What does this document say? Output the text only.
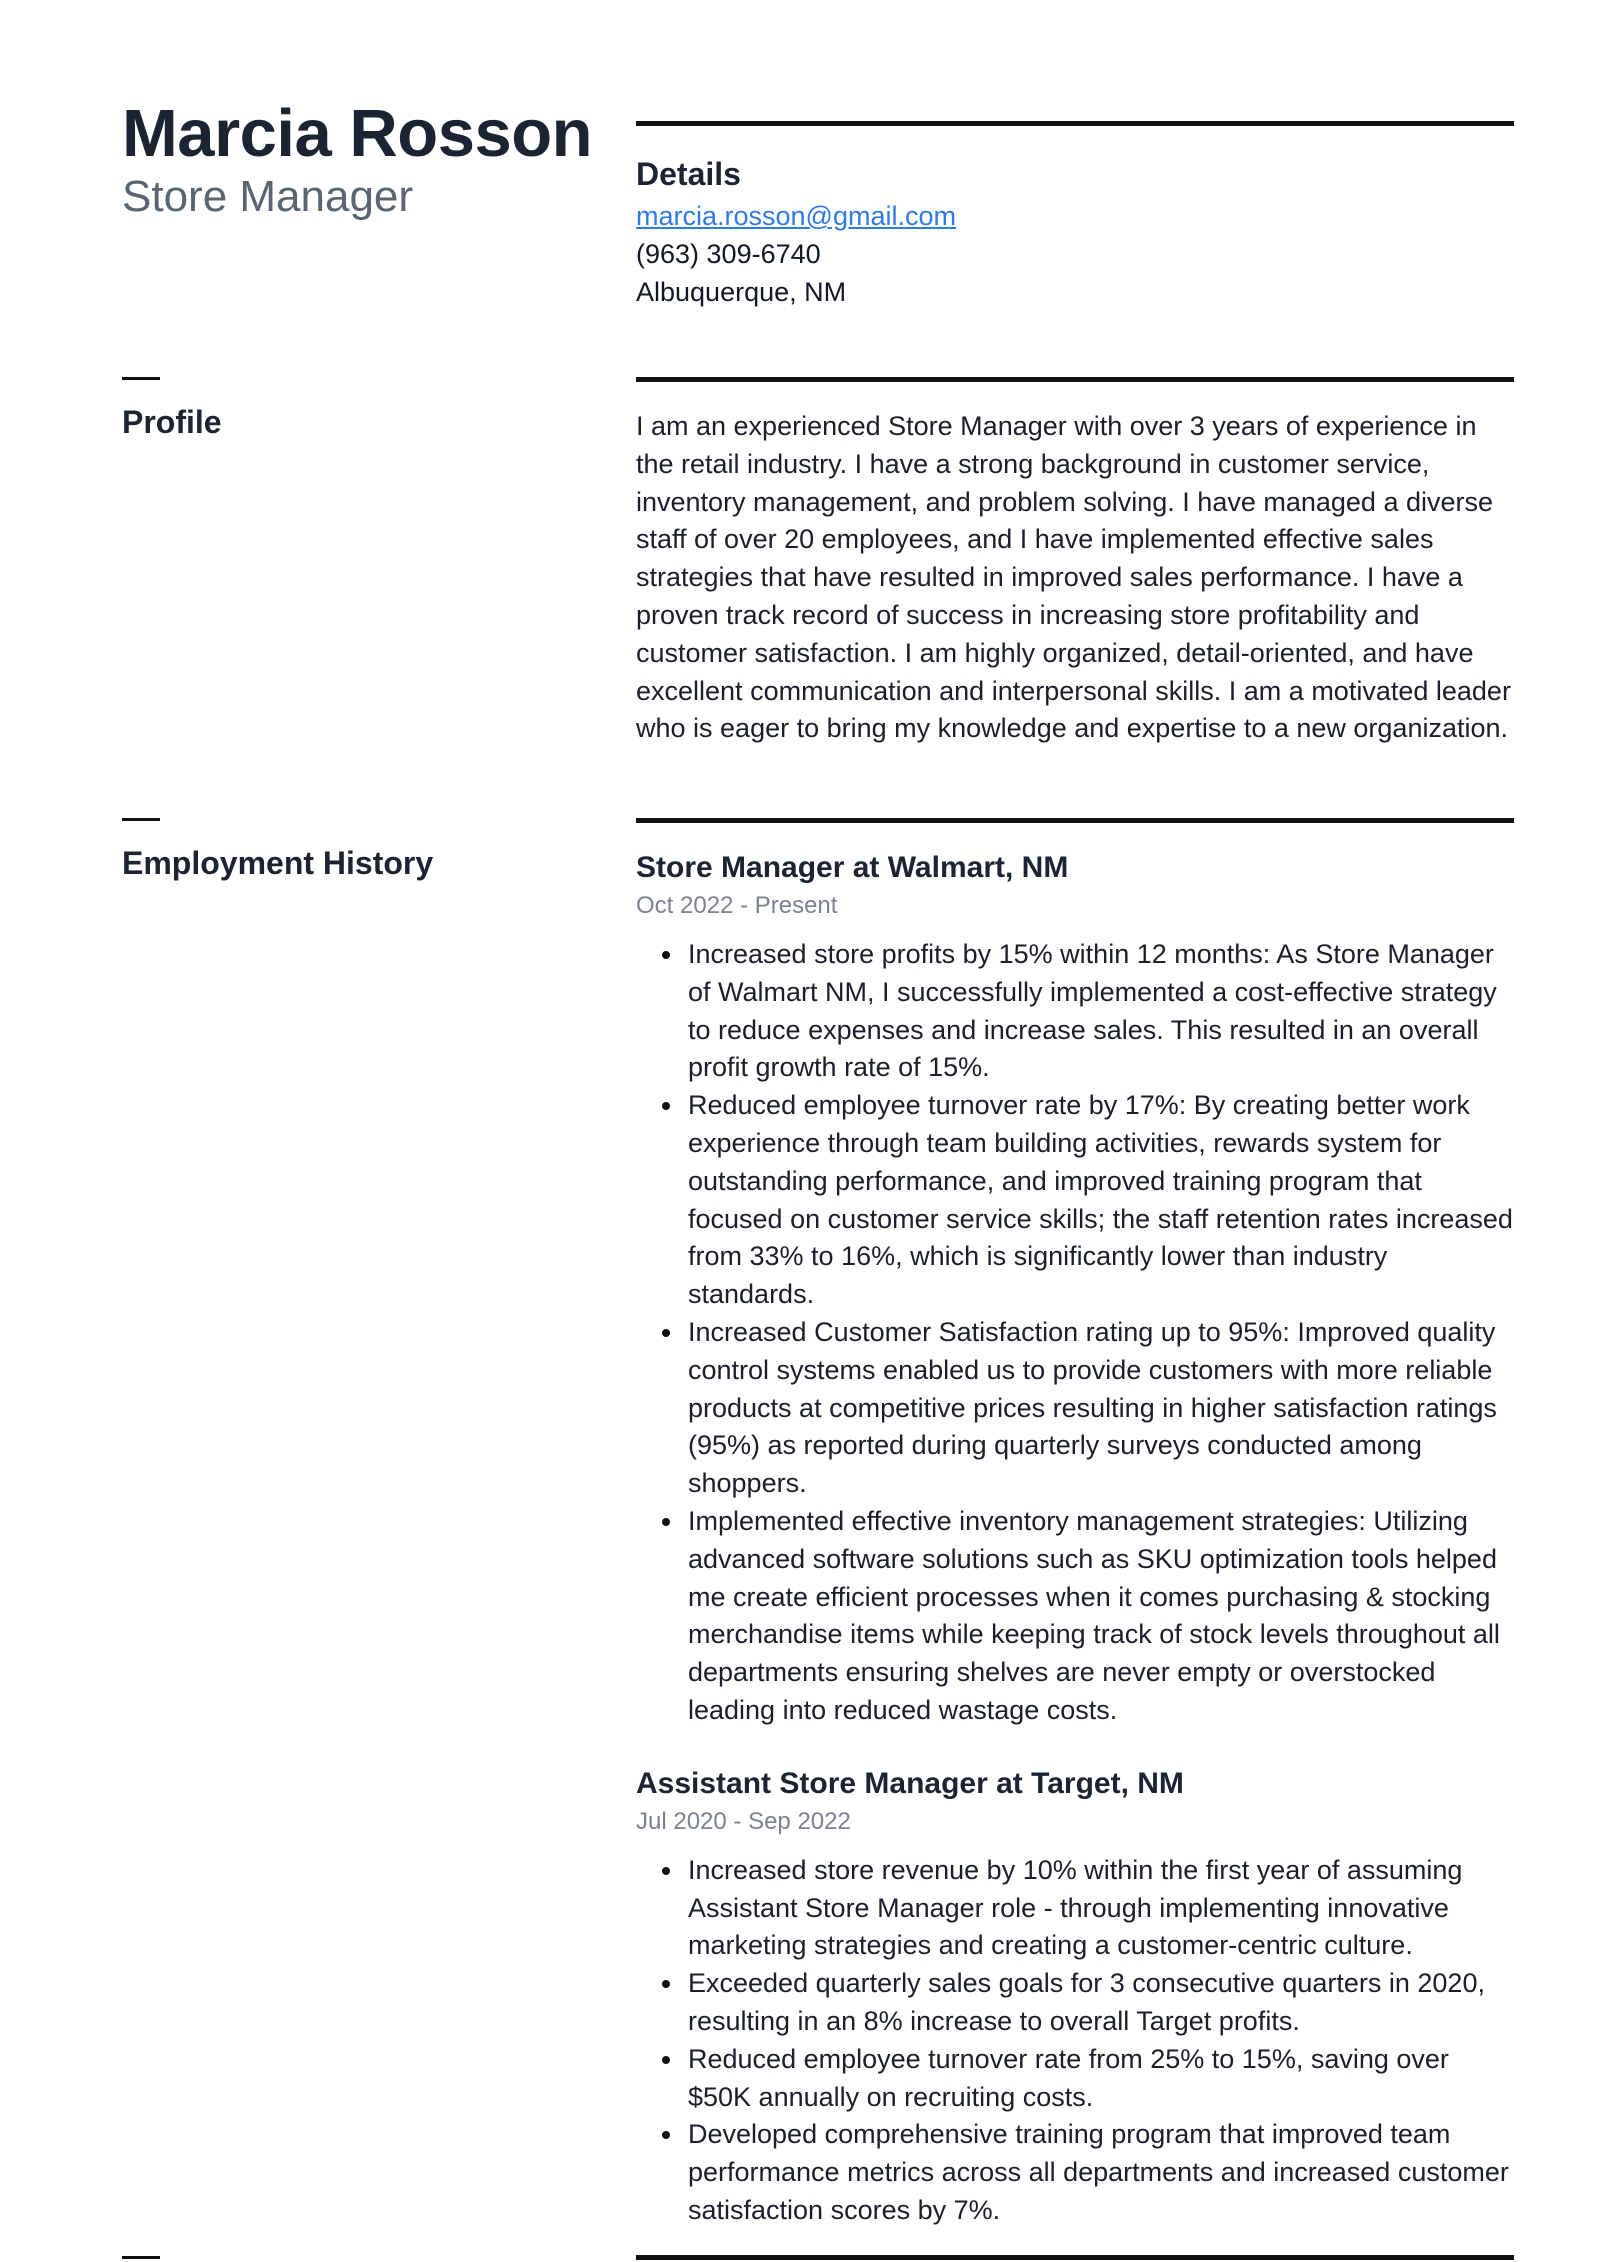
Marcia Rosson
Store Manager	Details
marcia.rosson@gmail.com
(963) 309-6740
Albuquerque, NM
Profile	I am an experienced Store Manager with over 3 years of experience in the retail industry. I have a strong background in customer service, inventory management, and problem solving. I have managed a diverse staff of over 20 employees, and I have implemented effective sales strategies that have resulted in improved sales performance. I have a proven track record of success in increasing store profitability and customer satisfaction. I am highly organized, detail-oriented, and have excellent communication and interpersonal skills. I am a motivated leader who is eager to bring my knowledge and expertise to a new organization.
Employment History	Store Manager at Walmart, NM
Oct 2022 - Present
Increased store profits by 15% within 12 months: As Store Manager of Walmart NM, I successfully implemented a cost-effective strategy to reduce expenses and increase sales. This resulted in an overall profit growth rate of 15%.
Reduced employee turnover rate by 17%: By creating better work experience through team building activities, rewards system for outstanding performance, and improved training program that focused on customer service skills; the staff retention rates increased from 33% to 16%, which is significantly lower than industry standards.
Increased Customer Satisfaction rating up to 95%: Improved quality control systems enabled us to provide customers with more reliable products at competitive prices resulting in higher satisfaction ratings (95%) as reported during quarterly surveys conducted among shoppers.
Implemented effective inventory management strategies: Utilizing advanced software solutions such as SKU optimization tools helped me create efficient processes when it comes purchasing & stocking merchandise items while keeping track of stock levels throughout all departments ensuring shelves are never empty or overstocked leading into reduced wastage costs.
Assistant Store Manager at Target, NM
Jul 2020 - Sep 2022
Increased store revenue by 10% within the first year of assuming Assistant Store Manager role - through implementing innovative marketing strategies and creating a customer-centric culture.
Exceeded quarterly sales goals for 3 consecutive quarters in 2020, resulting in an 8% increase to overall Target profits.
Reduced employee turnover rate from 25% to 15%, saving over $50K annually on recruiting costs.
Developed comprehensive training program that improved team performance metrics across all departments and increased customer satisfaction scores by 7%.
